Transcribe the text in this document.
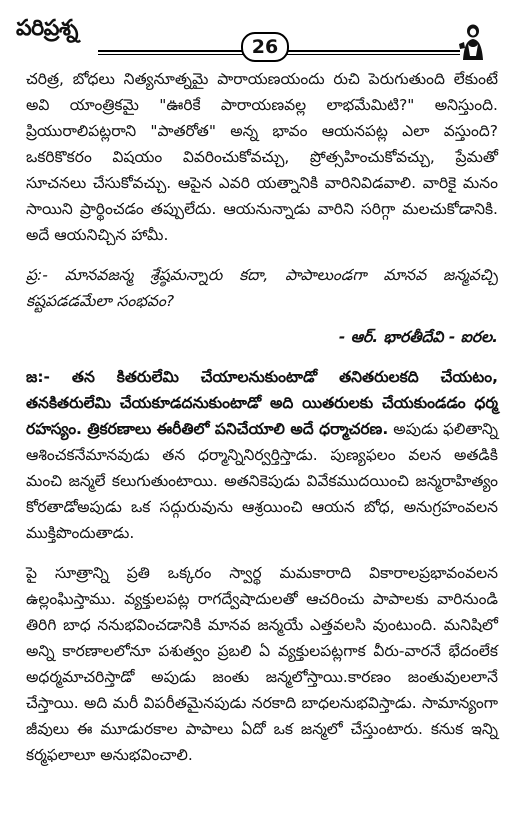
పరిప్రశ్న
26

చరిత్ర, బోధలు నిత్యనూత్నమై పారాయణయందు రుచి పెరుగుతుంది లేకుంటే అవి యాంత్రికమై "ఊరికే పారాయణవల్ల లాభమేమిటి?" అనిస్తుంది. ప్రియురాలిపట్లరాని "పాతరోత" అన్న భావం ఆయనపట్ల ఎలా వస్తుంది? ఒకరికొకరం విషయం వివరించుకోవచ్చు, ప్రోత్సహించుకోవచ్చు, ప్రేమతో సూచనలు చేసుకోవచ్చు. ఆపైన ఎవరి యత్నానికి వారినివిడవాలి. వారికై మనం సాయిని ప్రార్థించడం తప్పులేదు. ఆయనున్నాడు వారిని సరిగ్గా మలచుకోడానికి. అదే ఆయనిచ్చిన హామీ.

ప్ర:- మానవజన్మ శ్రేష్ఠమన్నారు కదా, పాపాలుండగా మానవ జన్మవచ్చి కష్టపడడమేలా సంభవం?

- ఆర్. భారతీదేవి - ఐరల.

జ:- తన కితరులేమి చేయాలనుకుంటాడో తనితరులకది చేయటం, తనకితరులేమి చేయకూడదనుకుంటాడో అది యితరులకు చేయకుండడం ధర్మ రహస్యం. త్రికరణాలు ఈరీతిలో పనిచేయాలి అదే ధర్మాచరణ. అపుడు ఫలితాన్ని ఆశించకనేమానవుడు తన ధర్మాన్నినిర్వర్తిస్తాడు. పుణ్యఫలం వలన అతడికి మంచి జన్మలే కలుగుతుంటాయి. అతనికెపుడు వివేకముదయించి జన్మరాహిత్యం కోరతాడోఅపుడు ఒక సద్గురువును ఆశ్రయించి ఆయన బోధ, అనుగ్రహంవలన ముక్తిపొందుతాడు.

పై సూత్రాన్ని ప్రతి ఒక్కరం స్వార్థ మమకారాది వికారాలప్రభావంవలన ఉల్లంఘిస్తాము. వ్యక్తులపట్ల రాగద్వేషాదులతో ఆచరించు పాపాలకు వారినుండి తిరిగి బాధ ననుభవించడానికి మానవ జన్మయే ఎత్తవలసి వుంటుంది. మనిషిలో అన్ని కారణాలలోనూ పశుత్వం ప్రబలి ఏ వ్యక్తులపట్లగాక వీరు-వారనే భేదంలేక అధర్మమాచరిస్తాడో అపుడు జంతు జన్మలోస్తాయి.కారణం జంతువులలానే చేస్తాయి. అది మరీ విపరీతమైనపుడు నరకాది బాధలనుభవిస్తాడు. సామాన్యంగా జీవులు ఈ మూడురకాల పాపాలు ఏదో ఒక జన్మలో చేస్తుంటారు. కనుక ఇన్ని కర్మఫలాలూ అనుభవించాలి.
